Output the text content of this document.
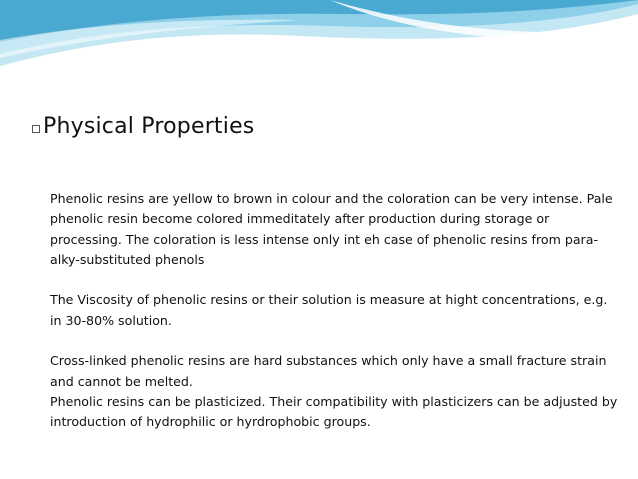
Physical Properties

Phenolic resins are yellow to brown in colour and the coloration can be very intense. Pale phenolic resin become colored immeditately after production during storage or processing. The coloration is less intense only int eh case of phenolic resins from para-alky-substituted phenols

The Viscosity of phenolic resins or their solution is measure at hight concentrations, e.g. in 30-80% solution.

Cross-linked phenolic resins are hard substances which only have a small fracture strain and cannot be melted.

Phenolic resins can be plasticized. Their compatibility with plasticizers can be adjusted by introduction of hydrophilic or hyrdrophobic groups.
